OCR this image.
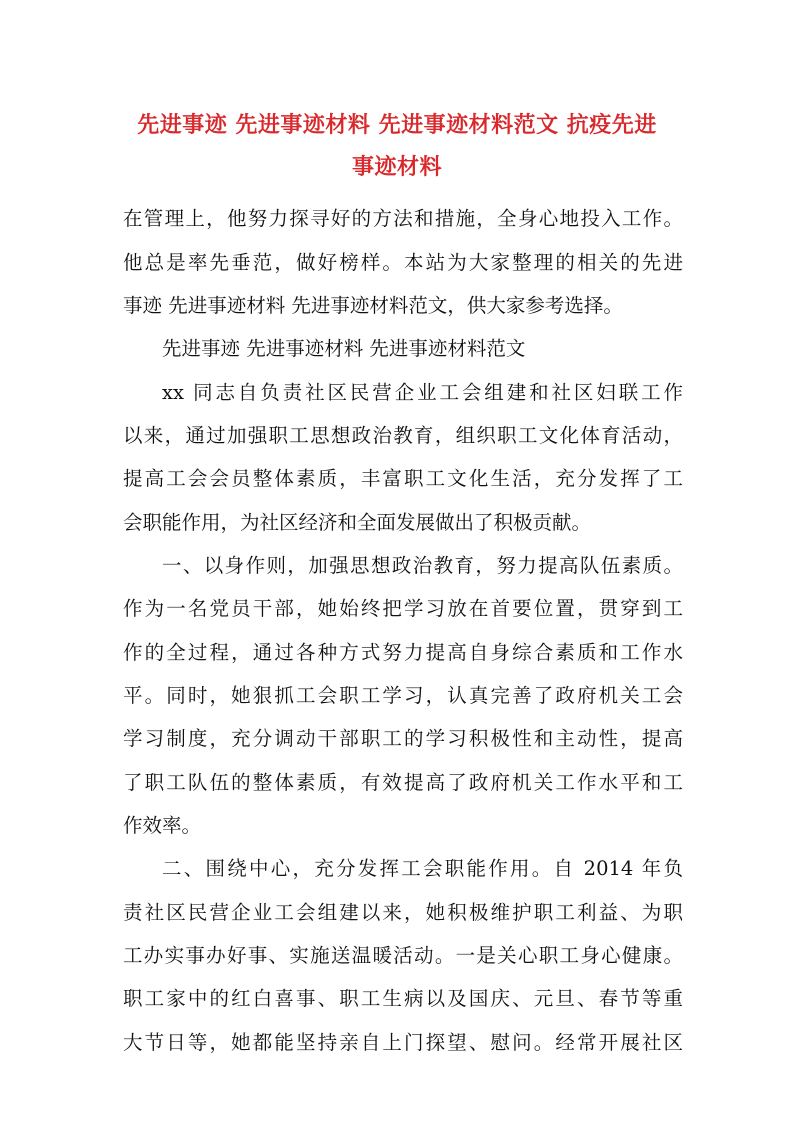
先进事迹 先进事迹材料 先进事迹材料范文 抗疫先进
事迹材料
在管理上，他努力探寻好的方法和措施，全身心地投入工作。
他总是率先垂范，做好榜样。本站为大家整理的相关的先进
事迹 先进事迹材料 先进事迹材料范文，供大家参考选择。
先进事迹 先进事迹材料 先进事迹材料范文
xx 同志自负责社区民营企业工会组建和社区妇联工作
以来，通过加强职工思想政治教育，组织职工文化体育活动，
提高工会会员整体素质，丰富职工文化生活，充分发挥了工
会职能作用，为社区经济和全面发展做出了积极贡献。
一、以身作则，加强思想政治教育，努力提高队伍素质。
作为一名党员干部，她始终把学习放在首要位置，贯穿到工
作的全过程，通过各种方式努力提高自身综合素质和工作水
平。同时，她狠抓工会职工学习，认真完善了政府机关工会
学习制度，充分调动干部职工的学习积极性和主动性，提高
了职工队伍的整体素质，有效提高了政府机关工作水平和工
作效率。
二、围绕中心，充分发挥工会职能作用。自 2014 年负
责社区民营企业工会组建以来，她积极维护职工利益、为职
工办实事办好事、实施送温暖活动。一是关心职工身心健康。
职工家中的红白喜事、职工生病以及国庆、元旦、春节等重
大节日等，她都能坚持亲自上门探望、慰问。经常开展社区
